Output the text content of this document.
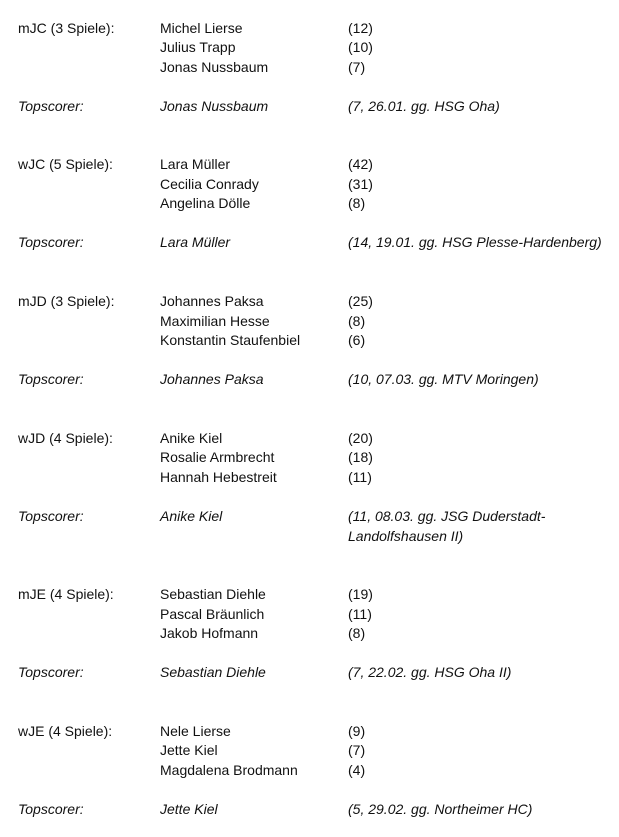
mJC (3 Spiele):	Michel Lierse	(12)
Julius Trapp	(10)
Jonas Nussbaum	(7)
Topscorer:	Jonas Nussbaum	(7, 26.01. gg. HSG Oha)
wJC (5 Spiele):	Lara Müller	(42)
Cecilia Conrady	(31)
Angelina Dölle	(8)
Topscorer:	Lara Müller	(14, 19.01. gg. HSG Plesse-Hardenberg)
mJD (3 Spiele):	Johannes Paksa	(25)
Maximilian Hesse	(8)
Konstantin Staufenbiel	(6)
Topscorer:	Johannes Paksa	(10, 07.03. gg. MTV Moringen)
wJD (4 Spiele):	Anike Kiel	(20)
Rosalie Armbrecht	(18)
Hannah Hebestreit	(11)
Topscorer:	Anike Kiel	(11, 08.03. gg. JSG Duderstadt-
Landolfshausen II)
mJE (4 Spiele):	Sebastian Diehle	(19)
Pascal Bräunlich	(11)
Jakob Hofmann	(8)
Topscorer:	Sebastian Diehle	(7, 22.02. gg. HSG Oha II)
wJE (4 Spiele):	Nele Lierse	(9)
Jette Kiel	(7)
Magdalena Brodmann	(4)
Topscorer:	Jette Kiel	(5, 29.02. gg. Northeimer HC)
